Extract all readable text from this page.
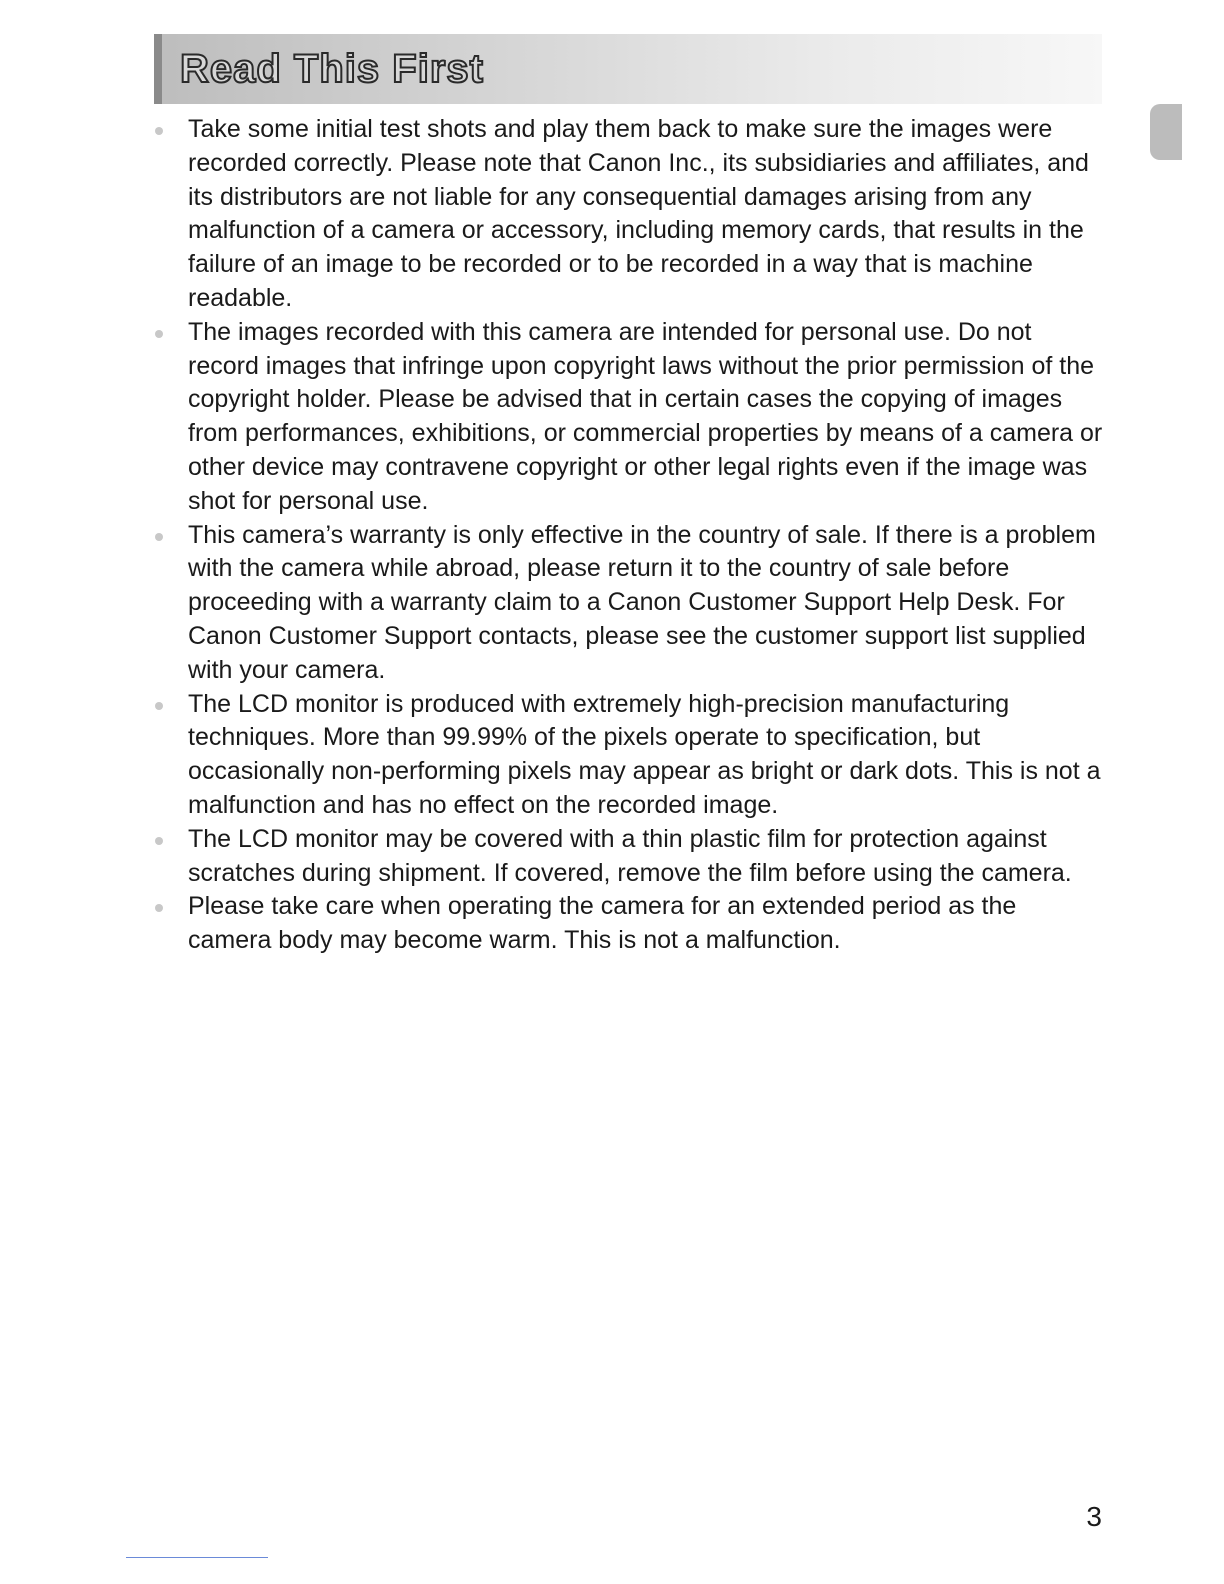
Read This First
Take some initial test shots and play them back to make sure the images were recorded correctly. Please note that Canon Inc., its subsidiaries and affiliates, and its distributors are not liable for any consequential damages arising from any malfunction of a camera or accessory, including memory cards, that results in the failure of an image to be recorded or to be recorded in a way that is machine readable.
The images recorded with this camera are intended for personal use. Do not record images that infringe upon copyright laws without the prior permission of the copyright holder. Please be advised that in certain cases the copying of images from performances, exhibitions, or commercial properties by means of a camera or other device may contravene copyright or other legal rights even if the image was shot for personal use.
This camera’s warranty is only effective in the country of sale. If there is a problem with the camera while abroad, please return it to the country of sale before proceeding with a warranty claim to a Canon Customer Support Help Desk. For Canon Customer Support contacts, please see the customer support list supplied with your camera.
The LCD monitor is produced with extremely high-precision manufacturing techniques. More than 99.99% of the pixels operate to specification, but occasionally non-performing pixels may appear as bright or dark dots. This is not a malfunction and has no effect on the recorded image.
The LCD monitor may be covered with a thin plastic film for protection against scratches during shipment. If covered, remove the film before using the camera.
Please take care when operating the camera for an extended period as the camera body may become warm. This is not a malfunction.
3
